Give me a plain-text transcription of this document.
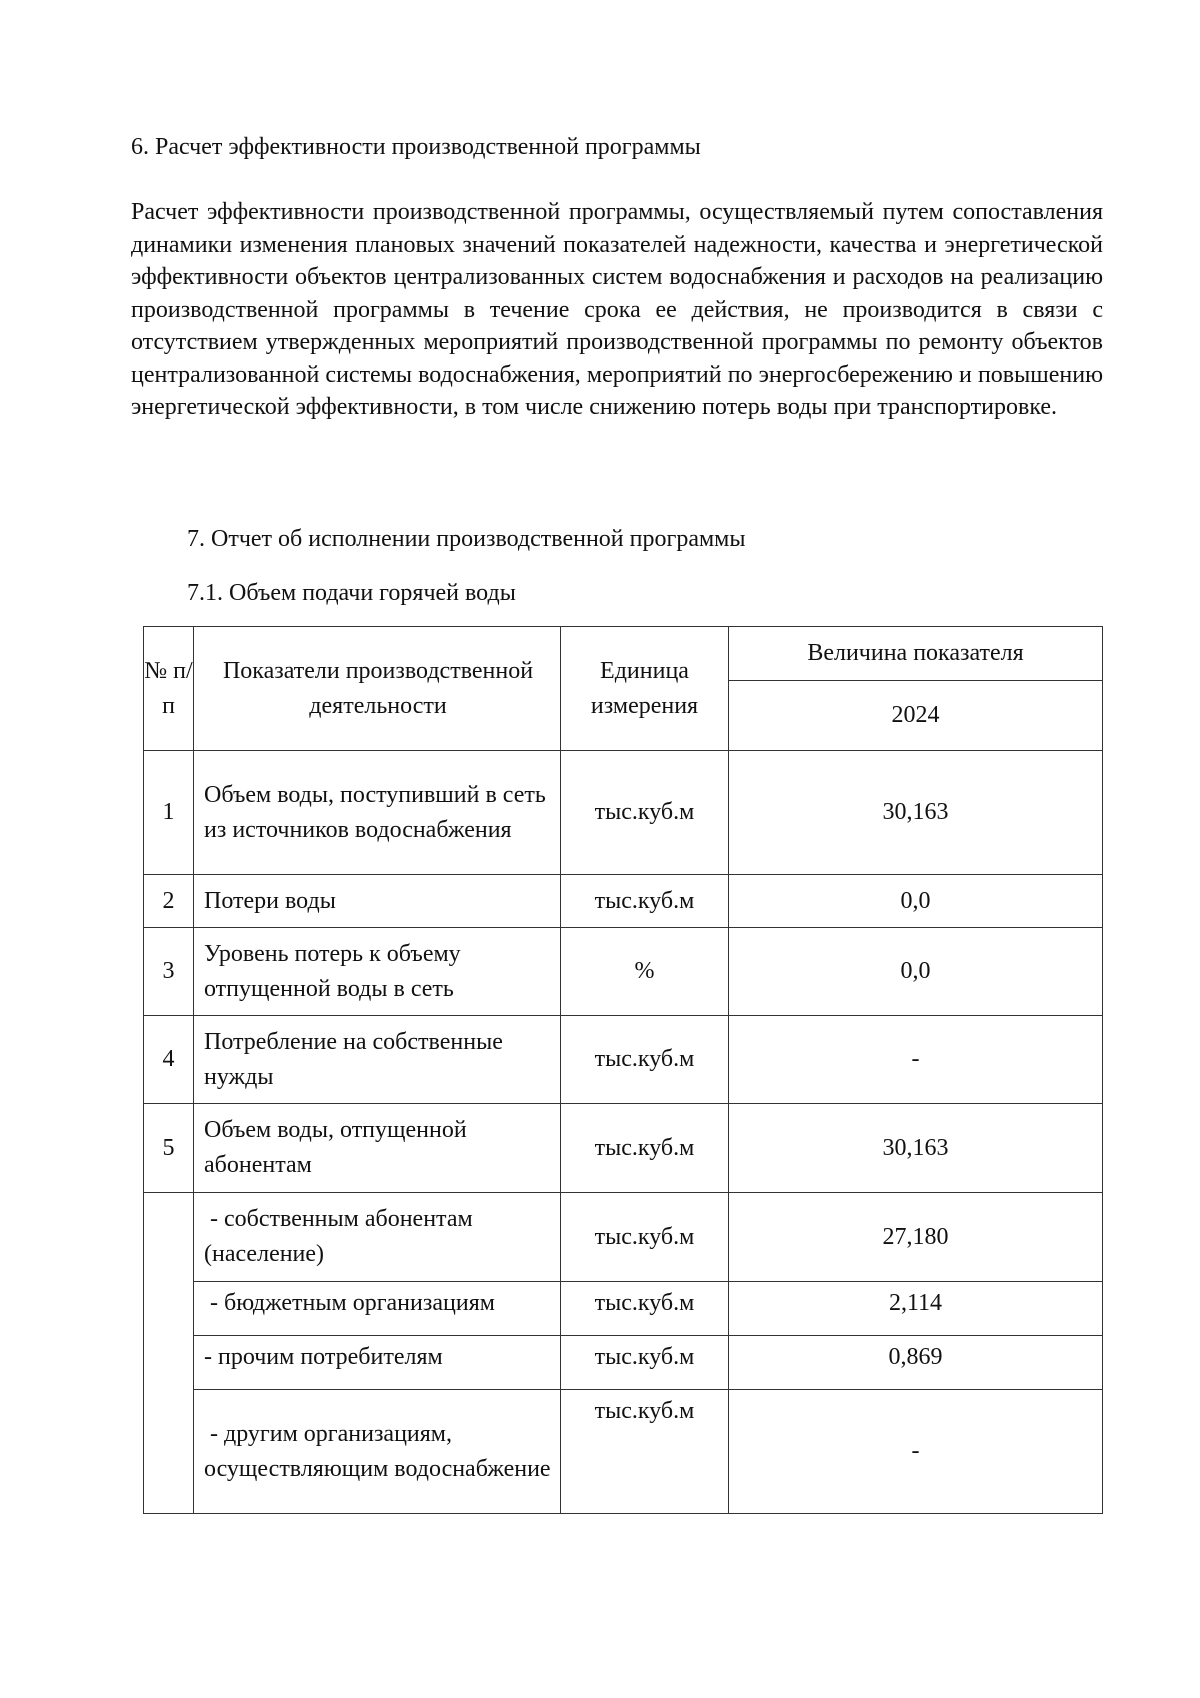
6. Расчет эффективности производственной программы

Расчет эффективности производственной программы, осуществляемый путем сопоставления динамики изменения плановых значений показателей надежности, качества и энергетической эффективности объектов централизованных систем водоснабжения и расходов на реализацию производственной программы в течение срока ее действия, не производится в связи с отсутствием утвержденных мероприятий производственной программы по ремонту объектов централизованной системы водоснабжения, мероприятий по энергосбережению и повышению энергетической эффективности, в том числе снижению потерь воды при транспортировке.

7. Отчет об исполнении производственной программы
7.1. Объем подачи горячей воды
№ п/п	Показатели производственной деятельности	Единица измерения	Величина показателя
			2024
1	Объем воды, поступивший в сеть из источников водоснабжения	тыс.куб.м	30,163
2	Потери воды	тыс.куб.м	0,0
3	Уровень потерь к объему отпущенной воды в сеть	%	0,0
4	Потребление на собственные нужды	тыс.куб.м	-
5	Объем воды, отпущенной абонентам	тыс.куб.м	30,163
	- собственным абонентам (население)	тыс.куб.м	27,180

	- бюджетным организациям	тыс.куб.м	2,114

	- прочим потребителям	тыс.куб.м	0,869

	- другим организациям, осуществляющим водоснабжение	тыс.куб.м	-
